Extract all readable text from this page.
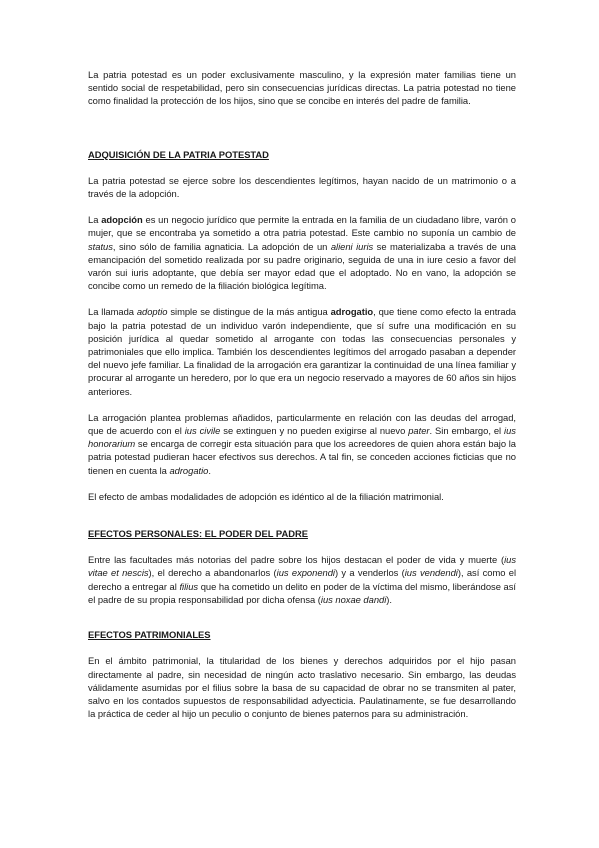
La patria potestad es un poder exclusivamente masculino, y la expresión mater familias tiene un sentido social de respetabilidad, pero sin consecuencias jurídicas directas. La patria potestad no tiene como finalidad la protección de los hijos, sino que se concibe en interés del padre de familia.

ADQUISICIÓN DE LA PATRIA POTESTAD

La patria potestad se ejerce sobre los descendientes legítimos, hayan nacido de un matrimonio o a través de la adopción.

La adopción es un negocio jurídico que permite la entrada en la familia de un ciudadano libre, varón o mujer, que se encontraba ya sometido a otra patria potestad. Este cambio no suponía un cambio de status, sino sólo de familia agnaticia. La adopción de un alieni iuris se materializaba a través de una emancipación del sometido realizada por su padre originario, seguida de una in iure cesio a favor del varón sui iuris adoptante, que debía ser mayor edad que el adoptado. No en vano, la adopción se concibe como un remedo de la filiación biológica legítima.

La llamada adoptio simple se distingue de la más antigua adrogatio, que tiene como efecto la entrada bajo la patria potestad de un individuo varón independiente, que sí sufre una modificación en su posición jurídica al quedar sometido al arrogante con todas las consecuencias personales y patrimoniales que ello implica. También los descendientes legítimos del arrogado pasaban a depender del nuevo jefe familiar. La finalidad de la arrogación era garantizar la continuidad de una línea familiar y procurar al arrogante un heredero, por lo que era un negocio reservado a mayores de 60 años sin hijos anteriores.

La arrogación plantea problemas añadidos, particularmente en relación con las deudas del arrogad, que de acuerdo con el ius civile se extinguen y no pueden exigirse al nuevo pater. Sin embargo, el ius honorarium se encarga de corregir esta situación para que los acreedores de quien ahora están bajo la patria potestad pudieran hacer efectivos sus derechos. A tal fin, se conceden acciones ficticias que no tienen en cuenta la adrogatio.

El efecto de ambas modalidades de adopción es idéntico al de la filiación matrimonial.

EFECTOS PERSONALES: EL PODER DEL PADRE

Entre las facultades más notorias del padre sobre los hijos destacan el poder de vida y muerte (ius vitae et nescis), el derecho a abandonarlos (ius exponendi) y a venderlos (ius vendendi), así como el derecho a entregar al filius que ha cometido un delito en poder de la víctima del mismo, liberándose así el padre de su propia responsabilidad por dicha ofensa (ius noxae dandi).

EFECTOS PATRIMONIALES

En el ámbito patrimonial, la titularidad de los bienes y derechos adquiridos por el hijo pasan directamente al padre, sin necesidad de ningún acto traslativo necesario. Sin embargo, las deudas válidamente asumidas por el filius sobre la basa de su capacidad de obrar no se transmiten al pater, salvo en los contados supuestos de responsabilidad adyecticia. Paulatinamente, se fue desarrollando la práctica de ceder al hijo un peculio o conjunto de bienes paternos para su administración.
